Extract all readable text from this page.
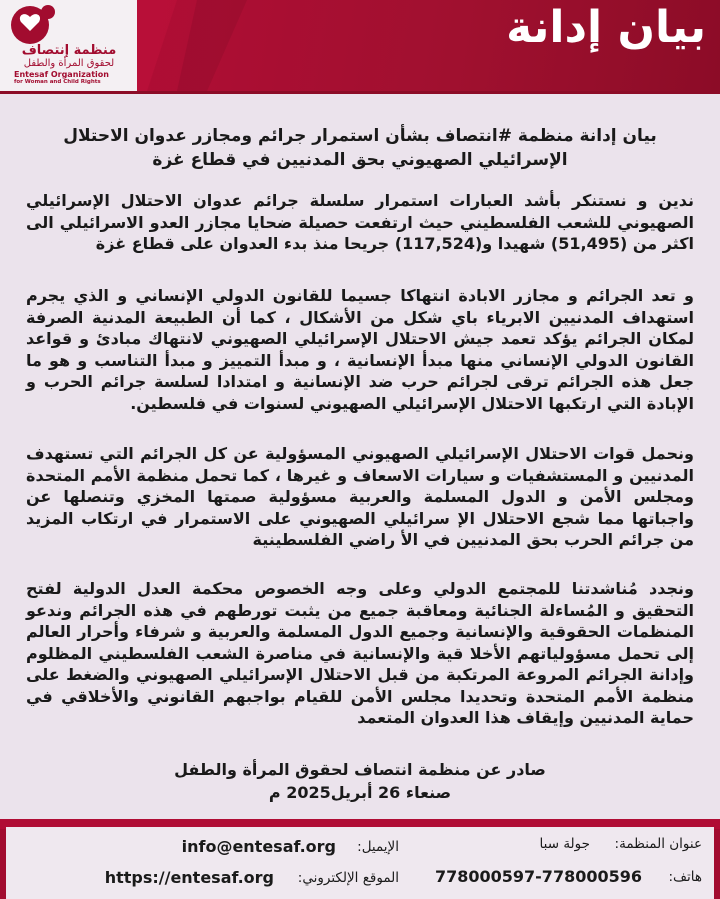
بيان إدانة
منظمة إنتصاف
لحقوق المرأة والطفل
Entesaf Organization
for Woman and Child Rights
بيان إدانة منظمة #انتصاف بشأن استمرار جرائم ومجازر عدوان الاحتلال الإسرائيلي الصهيوني بحق المدنيين في قطاع غزة
ندين و نستنكر بأشد العبارات استمرار سلسلة جرائم عدوان الاحتلال الإسرائيلي الصهيوني للشعب الفلسطيني حيث ارتفعت حصيلة ضحايا مجازر العدو الاسرائيلي الى اكثر من (51,495) شهيدا و(117,524) جريحا منذ بدء العدوان على قطاع غزة
و تعد الجرائم و مجازر الابادة انتهاكا جسيما للقانون الدولي الإنساني و الذي يجرم استهداف المدنيين الابرياء باي شكل من الأشكال ، كما أن الطبيعة المدنية الصرفة لمكان الجرائم يؤكد تعمد جيش الاحتلال الإسرائيلي الصهيوني لانتهاك مبادئ و قواعد القانون الدولي الإنساني منها مبدأ الإنسانية ، و مبدأ التمييز و مبدأ التناسب و هو ما جعل هذه الجرائم ترقى لجرائم حرب ضد الإنسانية و امتدادا لسلسة جرائم الحرب و الإبادة التي ارتكبها الاحتلال الإسرائيلي الصهيوني لسنوات في فلسطين.
ونحمل قوات الاحتلال الإسرائيلي الصهيوني المسؤولية عن كل الجرائم التي تستهدف المدنيين و المستشفيات و سيارات الاسعاف و غيرها ، كما تحمل منظمة الأمم المتحدة ومجلس الأمن و الدول المسلمة والعربية مسؤولية صمتها المخزي وتنصلها عن واجباتها مما شجع الاحتلال الإ سرائيلي الصهيوني على الاستمرار في ارتكاب المزيد من جرائم الحرب بحق المدنيين في الأ راضي الفلسطينية
ونجدد مُناشدتنا للمجتمع الدولي وعلى وجه الخصوص محكمة العدل الدولية لفتح التحقيق و المُساءلة الجنائية ومعاقبة جميع من يثبت تورطهم في هذه الجرائم وندعو المنظمات الحقوقية والإنسانية وجميع الدول المسلمة والعربية و شرفاء وأحرار العالم إلى تحمل مسؤولياتهم الأخلا قية والإنسانية في مناصرة الشعب الفلسطيني المظلوم وإدانة الجرائم المروعة المرتكبة من قبل الاحتلال الإسرائيلي الصهيوني والضغط على منظمة الأمم المتحدة وتحديدا مجلس الأمن للقيام بواجبهم القانوني والأخلاقي في حماية المدنيين وإيقاف هذا العدوان المتعمد
صادر عن منظمة انتصاف لحقوق المرأة والطفل
صنعاء 26 أبريل2025 م
عنوان المنظمة:
جولة سبا
هاتف:
778000597-778000596
الإيميل:
info@entesaf.org
الموقع الإلكتروني:
https://entesaf.org
